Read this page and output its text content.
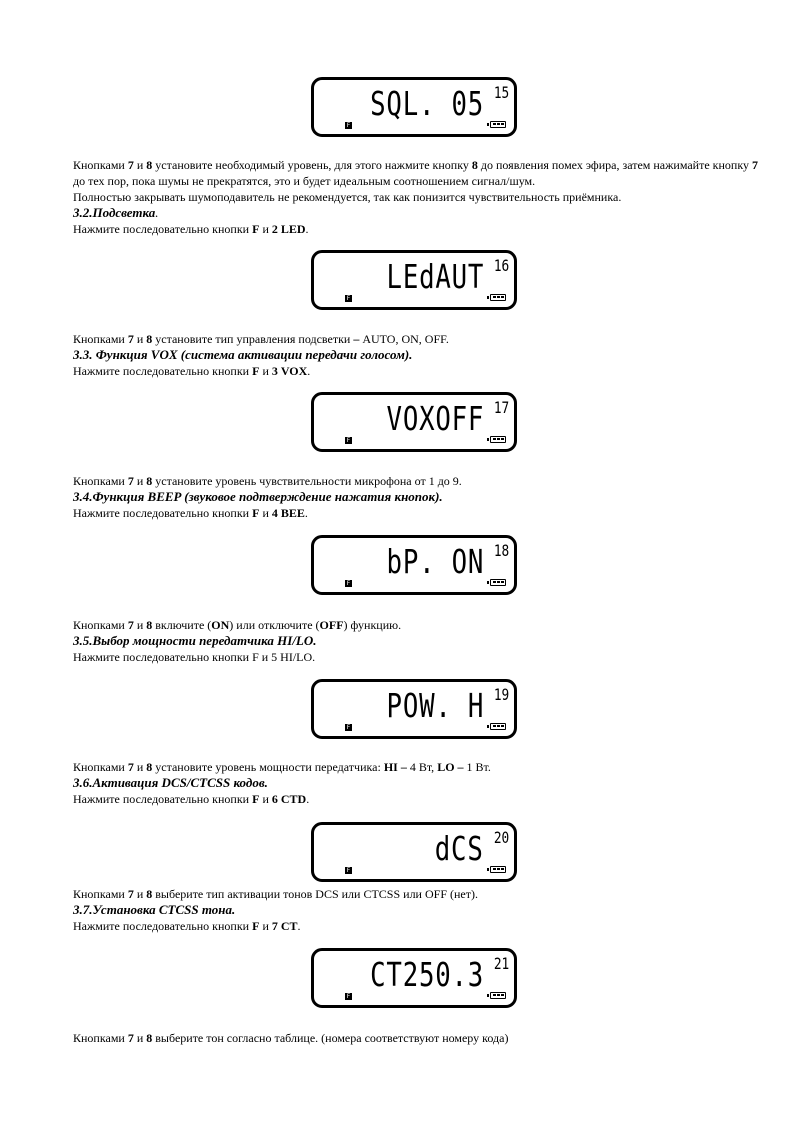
SQL. 05 15
F
Кнопками 7 и 8 установите необходимый уровень, для этого нажмите кнопку 8 до появления помех эфира, затем нажимайте кнопку 7 до тех пор, пока шумы не прекратятся, это и будет идеальным соотношением сигнал/шум.
Полностью закрывать шумоподавитель не рекомендуется, так как понизится чувствительность приёмника.
3.2.Подсветка.
Нажмите последовательно кнопки F и 2 LED.
LEdAUT 16
F
Кнопками 7 и 8 установите тип управления подсветки – AUTO, ON, OFF.
3.3. Функция VOX (система активации передачи голосом).
Нажмите последовательно кнопки F и 3 VOX.
VOXOFF 17
F
Кнопками 7 и 8 установите уровень чувствительности микрофона от 1 до 9.
3.4.Функция BEEP (звуковое подтверждение нажатия кнопок).
Нажмите последовательно кнопки F и 4 BEE.
bP. ON 18
F
Кнопками 7 и 8 включите (ON) или отключите (OFF) функцию.
3.5.Выбор мощности передатчика HI/LO.
Нажмите последовательно кнопки F и 5 HI/LO.
POW. H 19
F
Кнопками 7 и 8 установите уровень мощности передатчика: HI – 4 Вт, LO – 1 Вт.
3.6.Активация DCS/CTCSS кодов.
Нажмите последовательно кнопки F и 6 CTD.
dCS 20
F
Кнопками 7 и 8 выберите тип активации тонов DCS или CTCSS или OFF (нет).
3.7.Установка CTCSS тона.
Нажмите последовательно кнопки F и 7 CT.
CT250.3 21
F
Кнопками 7 и 8 выберите тон согласно таблице. (номера соответствуют номеру кода)
